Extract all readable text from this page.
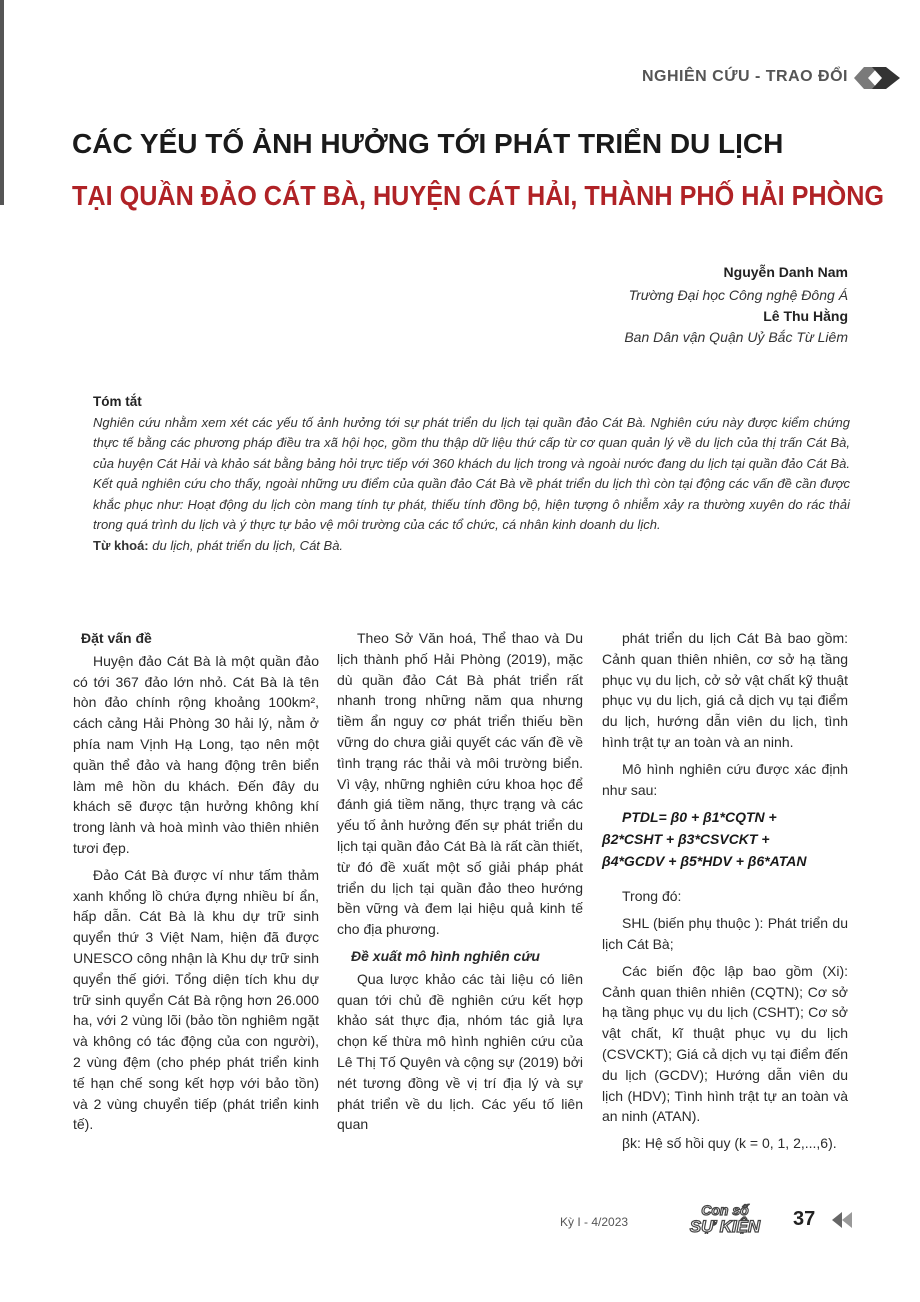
NGHIÊN CỨU - TRAO ĐỔI
CÁC YẾU TỐ ẢNH HƯỞNG TỚI PHÁT TRIỂN DU LỊCH
TẠI QUẦN ĐẢO CÁT BÀ, HUYỆN CÁT HẢI, THÀNH PHỐ HẢI PHÒNG
Nguyễn Danh Nam
Trường Đại học Công nghệ Đông Á
Lê Thu Hằng
Ban Dân vận Quận Uỷ Bắc Từ Liêm
Tóm tắt

Nghiên cứu nhằm xem xét các yếu tố ảnh hưởng tới sự phát triển du lịch tại quần đảo Cát Bà. Nghiên cứu này được kiểm chứng thực tế bằng các phương pháp điều tra xã hội học, gồm thu thập dữ liệu thứ cấp từ cơ quan quản lý về du lịch của thị trấn Cát Bà, của huyện Cát Hải và khảo sát bằng bảng hỏi trực tiếp với 360 khách du lịch trong và ngoài nước đang du lịch tại quần đảo Cát Bà. Kết quả nghiên cứu cho thấy, ngoài những ưu điểm của quần đảo Cát Bà về phát triển du lịch thì còn tại động các vấn đề cần được khắc phục như: Hoạt động du lịch còn mang tính tự phát, thiếu tính đồng bộ, hiện tượng ô nhiễm xảy ra thường xuyên do rác thải trong quá trình du lịch và ý thực tự bảo vệ môi trường của các tổ chức, cá nhân kinh doanh du lịch.

Từ khoá: du lịch, phát triển du lịch, Cát Bà.
Đặt vấn đề

Huyện đảo Cát Bà là một quần đảo có tới 367 đảo lớn nhỏ. Cát Bà là tên hòn đảo chính rộng khoảng 100km², cách cảng Hải Phòng 30 hải lý, nằm ở phía nam Vịnh Hạ Long, tạo nên một quần thể đảo và hang động trên biển làm mê hồn du khách. Đến đây du khách sẽ được tận hưởng không khí trong lành và hoà mình vào thiên nhiên tươi đẹp.

Đảo Cát Bà được ví như tấm thảm xanh khổng lồ chứa đựng nhiều bí ẩn, hấp dẫn. Cát Bà là khu dự trữ sinh quyển thứ 3 Việt Nam, hiện đã được UNESCO công nhận là Khu dự trữ sinh quyển thế giới. Tổng diện tích khu dự trữ sinh quyển Cát Bà rộng hơn 26.000 ha, với 2 vùng lõi (bảo tồn nghiêm ngặt và không có tác động của con người), 2 vùng đệm (cho phép phát triển kinh tế hạn chế song kết hợp với bảo tồn) và 2 vùng chuyển tiếp (phát triển kinh tế).

Theo Sở Văn hoá, Thể thao và Du lịch thành phố Hải Phòng (2019), mặc dù quần đảo Cát Bà phát triển rất nhanh trong những năm qua nhưng tiềm ẩn nguy cơ phát triển thiếu bền vững do chưa giải quyết các vấn đề về tình trạng rác thải và môi trường biển. Vì vậy, những nghiên cứu khoa học để đánh giá tiềm năng, thực trạng và các yếu tố ảnh hưởng đến sự phát triển du lịch tại quần đảo Cát Bà là rất cần thiết, từ đó đề xuất một số giải pháp phát triển du lịch tại quần đảo theo hướng bền vững và đem lại hiệu quả kinh tế cho địa phương.

Đề xuất mô hình nghiên cứu

Qua lược khảo các tài liệu có liên quan tới chủ đề nghiên cứu kết hợp khảo sát thực địa, nhóm tác giả lựa chọn kế thừa mô hình nghiên cứu của Lê Thị Tố Quyên và cộng sự (2019) bởi nét tương đồng về vị trí địa lý và sự phát triển về du lịch. Các yếu tố liên quan

phát triển du lịch Cát Bà bao gồm: Cảnh quan thiên nhiên, cơ sở hạ tầng phục vụ du lịch, cở sở vật chất kỹ thuật phục vụ du lịch, giá cả dịch vụ tại điểm du lịch, hướng dẫn viên du lịch, tình hình trật tự an toàn và an ninh.

Mô hình nghiên cứu được xác định như sau:

PTDL= β0 + β1*CQTN +
β2*CSHT + β3*CSVCKT +
β4*GCDV + β5*HDV + β6*ATAN

Trong đó:

SHL (biến phụ thuộc ): Phát triển du lịch Cát Bà;

Các biến độc lập bao gồm (Xi): Cảnh quan thiên nhiên (CQTN); Cơ sở hạ tầng phục vụ du lịch (CSHT); Cơ sở vật chất, kĩ thuật phục vụ du lịch (CSVCKT); Giá cả dịch vụ tại điểm đến du lịch (GCDV); Hướng dẫn viên du lịch (HDV); Tình hình trật tự an toàn và an ninh (ATAN).

βk: Hệ số hồi quy (k = 0, 1, 2,...,6).

Kỳ I - 4/2023
Con số
SỰ KIỆN 37
